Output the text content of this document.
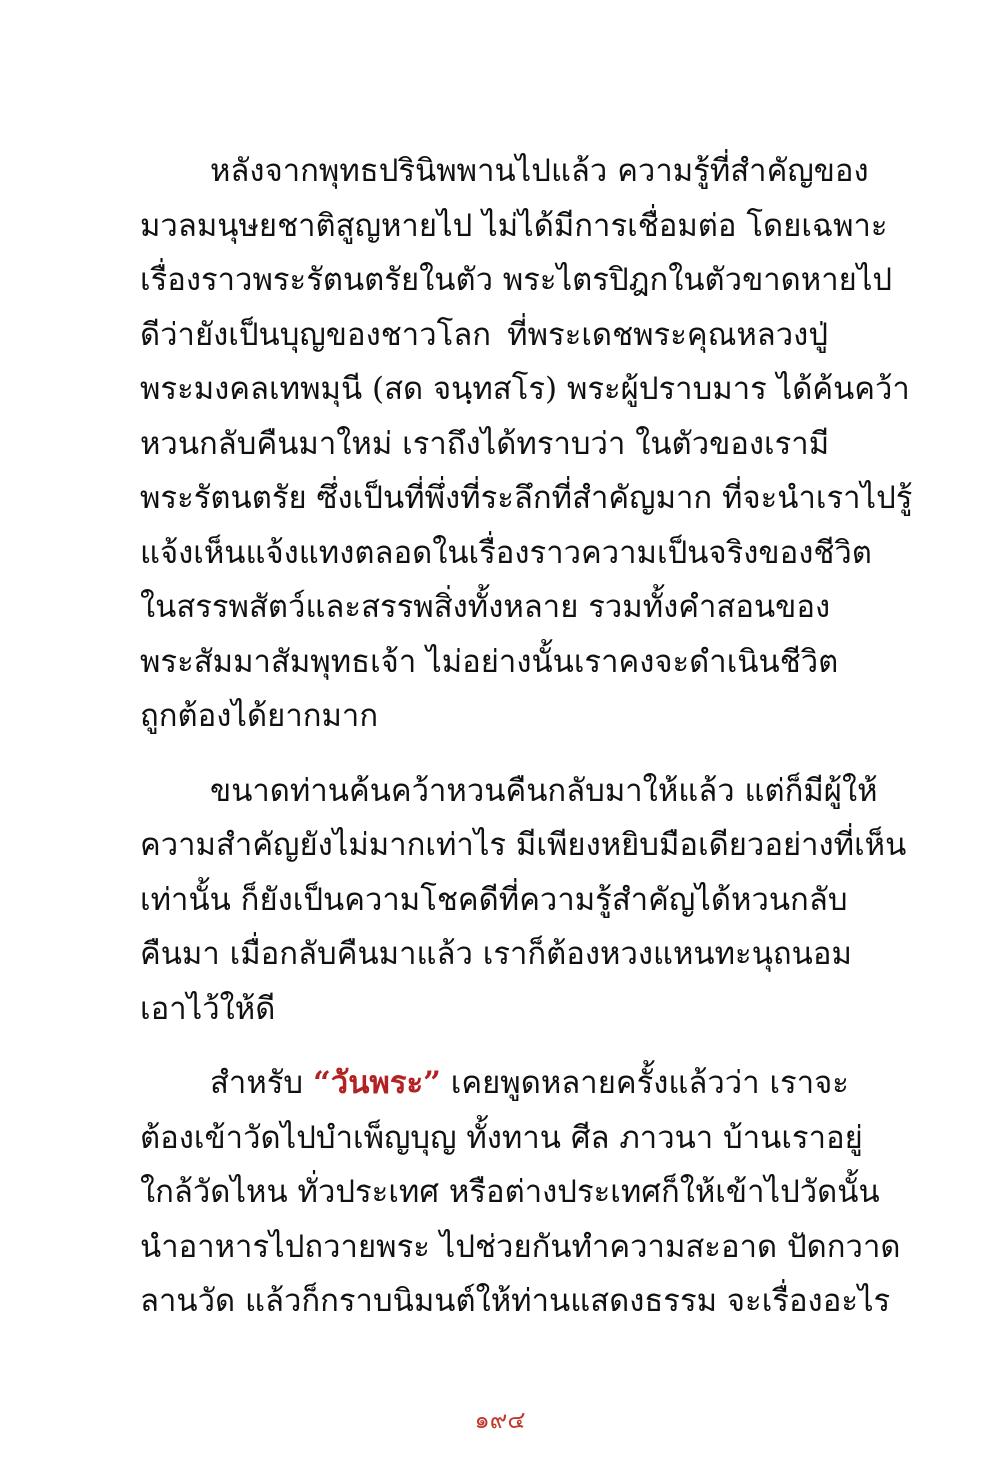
หลังจากพุทธปรินิพพานไปแล้ว ความรู้ที่สำคัญของ
มวลมนุษยชาติสูญหายไป ไม่ได้มีการเชื่อมต่อ โดยเฉพาะ
เรื่องราวพระรัตนตรัยในตัว พระไตรปิฎกในตัวขาดหายไป
ดีว่ายังเป็นบุญของชาวโลก ที่พระเดชพระคุณหลวงปู่
พระมงคลเทพมุนี (สด จนฺทสโร) พระผู้ปราบมาร ได้ค้นคว้า
หวนกลับคืนมาใหม่ เราถึงได้ทราบว่า ในตัวของเรามี
พระรัตนตรัย ซึ่งเป็นที่พึ่งที่ระลึกที่สำคัญมาก ที่จะนำเราไปรู้
แจ้งเห็นแจ้งแทงตลอดในเรื่องราวความเป็นจริงของชีวิต
ในสรรพสัตว์และสรรพสิ่งทั้งหลาย รวมทั้งคำสอนของ
พระสัมมาสัมพุทธเจ้า ไม่อย่างนั้นเราคงจะดำเนินชีวิต
ถูกต้องได้ยากมาก
ขนาดท่านค้นคว้าหวนคืนกลับมาให้แล้ว แต่ก็มีผู้ให้
ความสำคัญยังไม่มากเท่าไร มีเพียงหยิบมือเดียวอย่างที่เห็น
เท่านั้น ก็ยังเป็นความโชคดีที่ความรู้สำคัญได้หวนกลับ
คืนมา เมื่อกลับคืนมาแล้ว เราก็ต้องหวงแหนทะนุถนอม
เอาไว้ให้ดี
สำหรับ “วันพระ” เคยพูดหลายครั้งแล้วว่า เราจะ
ต้องเข้าวัดไปบำเพ็ญบุญ ทั้งทาน ศีล ภาวนา บ้านเราอยู่
ใกล้วัดไหน ทั่วประเทศ หรือต่างประเทศก็ให้เข้าไปวัดนั้น
นำอาหารไปถวายพระ ไปช่วยกันทำความสะอาด ปัดกวาด
ลานวัด แล้วก็กราบนิมนต์ให้ท่านแสดงธรรม จะเรื่องอะไร
๑๙๔
